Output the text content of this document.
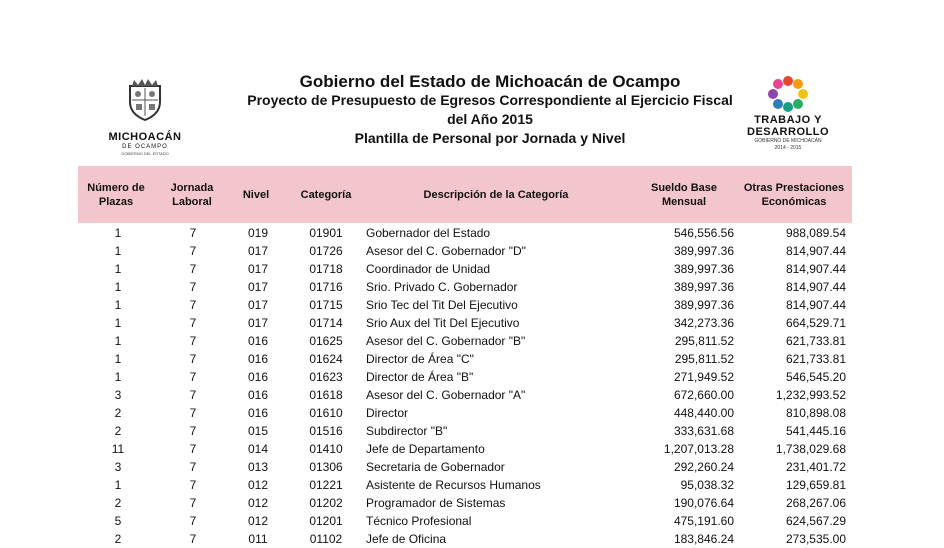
MICHOACÁN
DE OCAMPO
GOBIERNO DEL ESTADO
Gobierno del Estado de Michoacán de Ocampo
Proyecto de Presupuesto de Egresos Correspondiente al Ejercicio Fiscal
del Año 2015
Plantilla de Personal por Jornada y Nivel
TRABAJO Y
DESARROLLO
GOBIERNO DE MICHOACÁN
2014 - 2015
Número de
Plazas
Jornada
Laboral
Nivel	Categoría	Descripción de la Categoría
Sueldo Base
Mensual
Otras Prestaciones
Económicas
1	7	019	01901	Gobernador del Estado	546,556.56	988,089.54
1	7	017	01726	Asesor del C. Gobernador "D"	389,997.36	814,907.44
1	7	017	01718	Coordinador de Unidad	389,997.36	814,907.44
1	7	017	01716	Srio. Privado C. Gobernador	389,997.36	814,907.44
1	7	017	01715	Srio Tec del Tit Del Ejecutivo	389,997.36	814,907.44
1	7	017	01714	Srio Aux del Tit Del Ejecutivo	342,273.36	664,529.71
1	7	016	01625	Asesor del C. Gobernador "B"	295,811.52	621,733.81
1	7	016	01624	Director de Área "C"	295,811.52	621,733.81
1	7	016	01623	Director de Área "B"	271,949.52	546,545.20
3	7	016	01618	Asesor del C. Gobernador "A"	672,660.00	1,232,993.52
2	7	016	01610	Director	448,440.00	810,898.08
2	7	015	01516	Subdirector "B"	333,631.68	541,445.16
11	7	014	01410	Jefe de Departamento	1,207,013.28	1,738,029.68
3	7	013	01306	Secretaria de Gobernador	292,260.24	231,401.72
1	7	012	01221	Asistente de Recursos Humanos	95,038.32	129,659.81
2	7	012	01202	Programador de Sistemas	190,076.64	268,267.06
5	7	012	01201	Técnico Profesional	475,191.60	624,567.29
2	7	011	01102	Jefe de Oficina	183,846.24	273,535.00
